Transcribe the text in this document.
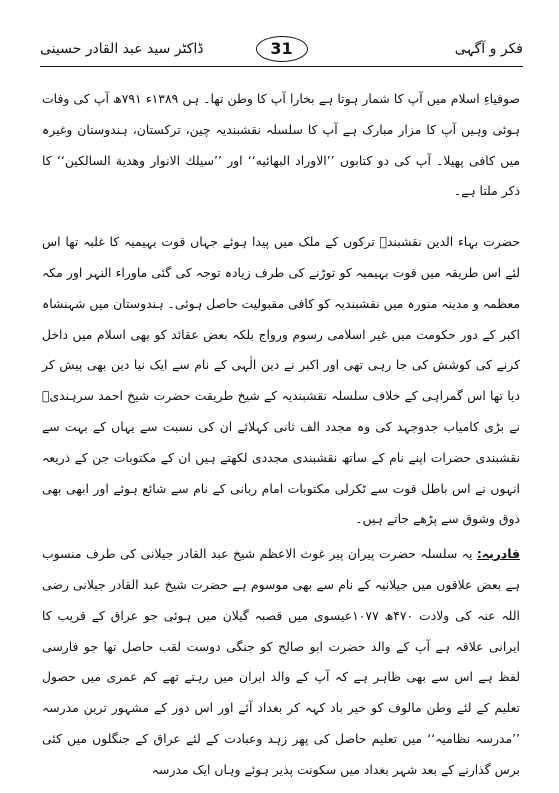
فکر و آگہی
31
ڈاکٹر سید عبد القادر حسینی

صوفیاءِ اسلام میں آپ کا شمار ہوتا ہے بخارا آپ کا وطن تھا۔ ہں ۱۳۸۹ء ۷۹۱ھ آپ کی وفات ہوئی وہیں آپ کا مزار مبارک ہے آپ کا سلسلہ نقشبندیہ چین، ترکستان، ہندوستان وغیرہ میں کافی پھیلا۔ آپ کی دو کتابوں ’’الاوراد البهائيه‘‘ اور ’’سيلك الانوار وهدية السالكين‘‘ کا ذکر ملتا ہے۔

حضرت بہاء الدین نقشبندؒ ترکوں کے ملک میں پیدا ہوئے جہاں قوت بہیمیہ کا غلبہ تھا اس لئے اس طریقہ میں قوت بہیمیہ کو توڑنے کی طرف زیادہ توجہ کی گئی ماوراء النہر اور مکہ معظمہ و مدینہ منورہ میں نقشبندیہ کو کافی مقبولیت حاصل ہوئی۔ ہندوستان میں شہنشاہ اکبر کے دور حکومت میں غیر اسلامی رسوم ورواج بلکہ بعض عقائد کو بھی اسلام میں داخل کرنے کی کوشش کی جا رہی تھی اور اکبر نے دین الٰہی کے نام سے ایک نیا دین بھی پیش کر دیا تھا اس گمراہی کے خلاف سلسلہ نقشبندیہ کے شیخ طریقت حضرت شیخ احمد سرہندیؒ نے بڑی کامیاب جدوجہد کی وہ مجدد الف ثانی کہلائے ان کی نسبت سے یہاں کے بہت سے نقشبندی حضرات اپنے نام کے ساتھ نقشبندی مجددی لکھتے ہیں ان کے مکتوبات جن کے ذریعہ انہوں نے اس باطل قوت سے ٹکرلی مکتوبات امام ربانی کے نام سے شائع ہوئے اور ابھی بھی ذوق وشوق سے پڑھے جاتے ہیں۔

قادریہ: یہ سلسلہ حضرت پیران پیر غوث الاعظم شیخ عبد القادر جیلانی کی طرف منسوب ہے بعض علاقوں میں جیلانیہ کے نام سے بھی موسوم ہے حضرت شیخ عبد القادر جیلانی رضی اللہ عنہ کی ولادت ۴۷۰ھ ۱۰۷۷عیسوی میں قصبہ گیلان میں ہوئی جو عراق کے قریب کا ایرانی علاقہ ہے آپ کے والد حضرت ابو صالح کو جنگی دوست لقب حاصل تھا جو فارسی لفظ ہے اس سے بھی ظاہر ہے کہ آپ کے والد ایران میں رہتے تھے کم عمری میں حصول تعلیم کے لئے وطن مالوف کو خیر باد کہہ کر بغداد آئے اور اس دور کے مشہور ترین مدرسہ ’’مدرسہ نظامیہ‘‘ میں تعلیم حاصل کی پھر زہد وعبادت کے لئے عراق کے جنگلوں میں کئی برس گذارنے کے بعد شہر بغداد میں سکونت پذیر ہوئے وہاں ایک مدرسہ
